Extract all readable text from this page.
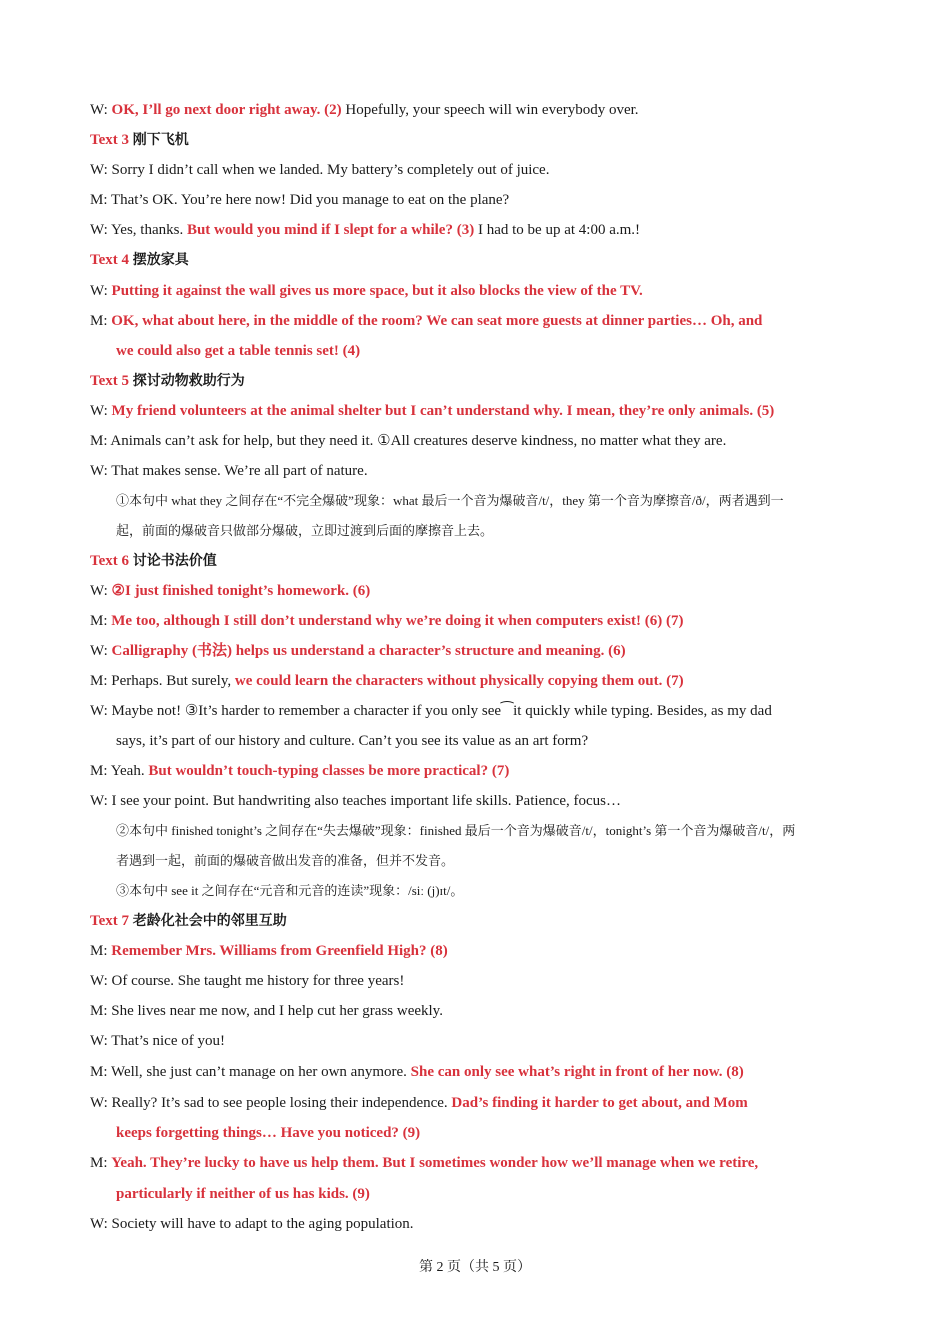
W: OK, I’ll go next door right away. (2) Hopefully, your speech will win everybody over.
Text 3 刚下飞机
W: Sorry I didn’t call when we landed. My battery’s completely out of juice.
M: That’s OK. You’re here now! Did you manage to eat on the plane?
W: Yes, thanks. But would you mind if I slept for a while? (3) I had to be up at 4:00 a.m.!
Text 4 摆放家具
W: Putting it against the wall gives us more space, but it also blocks the view of the TV.
M: OK, what about here, in the middle of the room? We can seat more guests at dinner parties… Oh, and
we could also get a table tennis set! (4)
Text 5 探讨动物救助行为
W: My friend volunteers at the animal shelter but I can’t understand why. I mean, they’re only animals. (5)
M: Animals can’t ask for help, but they need it. ①All creatures deserve kindness, no matter what they are.
W: That makes sense. We’re all part of nature.
①本句中 what they 之间存在“不完全爆破”现象：what 最后一个音为爆破音/t/，they 第一个音为摩擦音/ð/，两者遇到一
起，前面的爆破音只做部分爆破，立即过渡到后面的摩擦音上去。
Text 6 讨论书法价值
W: ②I just finished tonight’s homework. (6)
M: Me too, although I still don’t understand why we’re doing it when computers exist! (6) (7)
W: Calligraphy (书法) helps us understand a character’s structure and meaning. (6)
M: Perhaps. But surely, we could learn the characters without physically copying them out. (7)
W: Maybe not! ③It’s harder to remember a character if you only see⁀it quickly while typing. Besides, as my dad
says, it’s part of our history and culture. Can’t you see its value as an art form?
M: Yeah. But wouldn’t touch-typing classes be more practical? (7)
W: I see your point. But handwriting also teaches important life skills. Patience, focus…
②本句中 finished tonight’s 之间存在“失去爆破”现象：finished 最后一个音为爆破音/t/，tonight’s 第一个音为爆破音/t/，两
者遇到一起，前面的爆破音做出发音的准备，但并不发音。
③本句中 see it 之间存在“元音和元音的连读”现象：/siː (j)ɪt/。
Text 7 老龄化社会中的邻里互助
M: Remember Mrs. Williams from Greenfield High? (8)
W: Of course. She taught me history for three years!
M: She lives near me now, and I help cut her grass weekly.
W: That’s nice of you!
M: Well, she just can’t manage on her own anymore. She can only see what’s right in front of her now. (8)
W: Really? It’s sad to see people losing their independence. Dad’s finding it harder to get about, and Mom
keeps forgetting things… Have you noticed? (9)
M: Yeah. They’re lucky to have us help them. But I sometimes wonder how we’ll manage when we retire,
particularly if neither of us has kids. (9)
W: Society will have to adapt to the aging population.
第 2 页（共 5 页）
